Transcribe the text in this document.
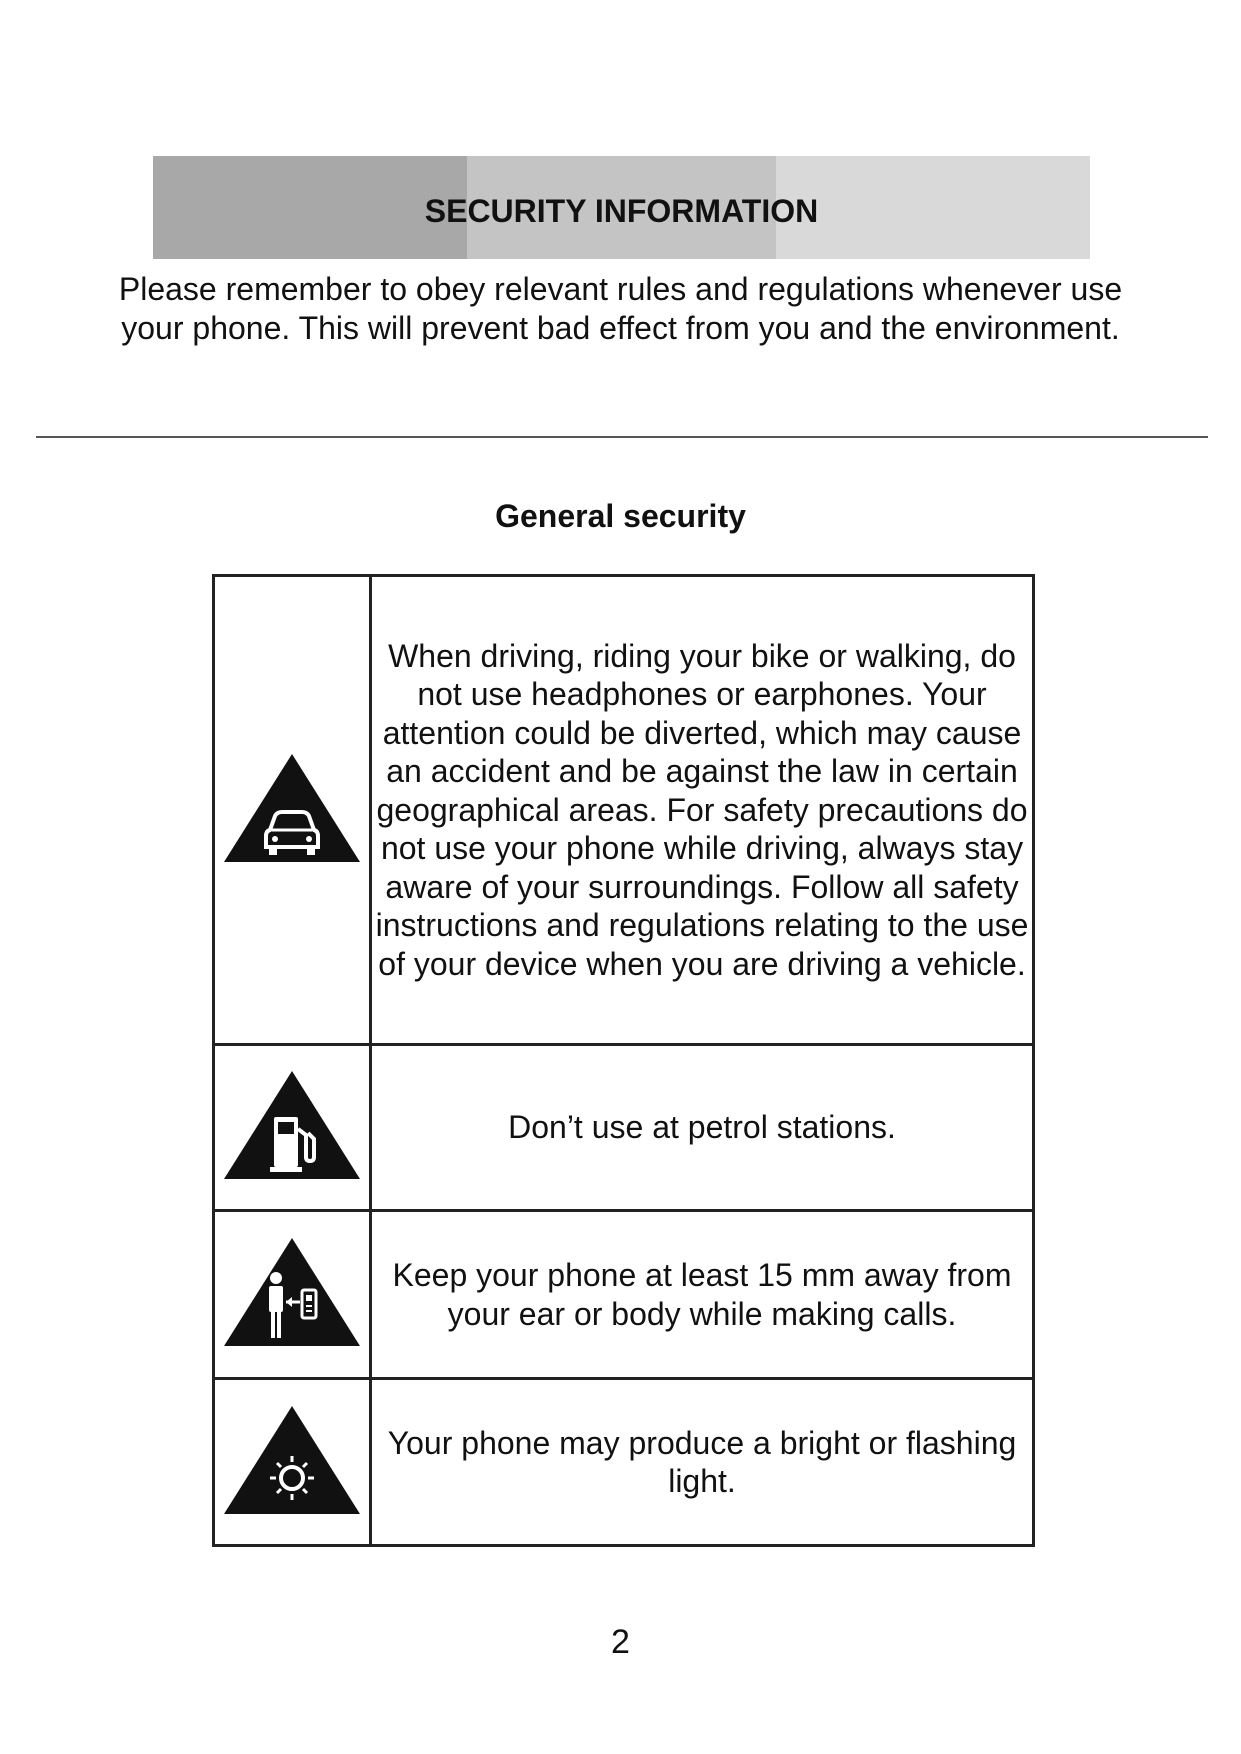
SECURITY INFORMATION

Please remember to obey relevant rules and regulations whenever use your phone. This will prevent bad effect from you and the environment.

General security
	When driving, riding your bike or walking, do not use headphones or earphones. Your attention could be diverted, which may cause an accident and be against the law in certain geographical areas. For safety precautions do not use your phone while driving, always stay aware of your surroundings. Follow all safety instructions and regulations relating to the use of your device when you are driving a vehicle.
	Don’t use at petrol stations.
	Keep your phone at least 15 mm away from your ear or body while making calls.
	Your phone may produce a bright or flashing light.
2
